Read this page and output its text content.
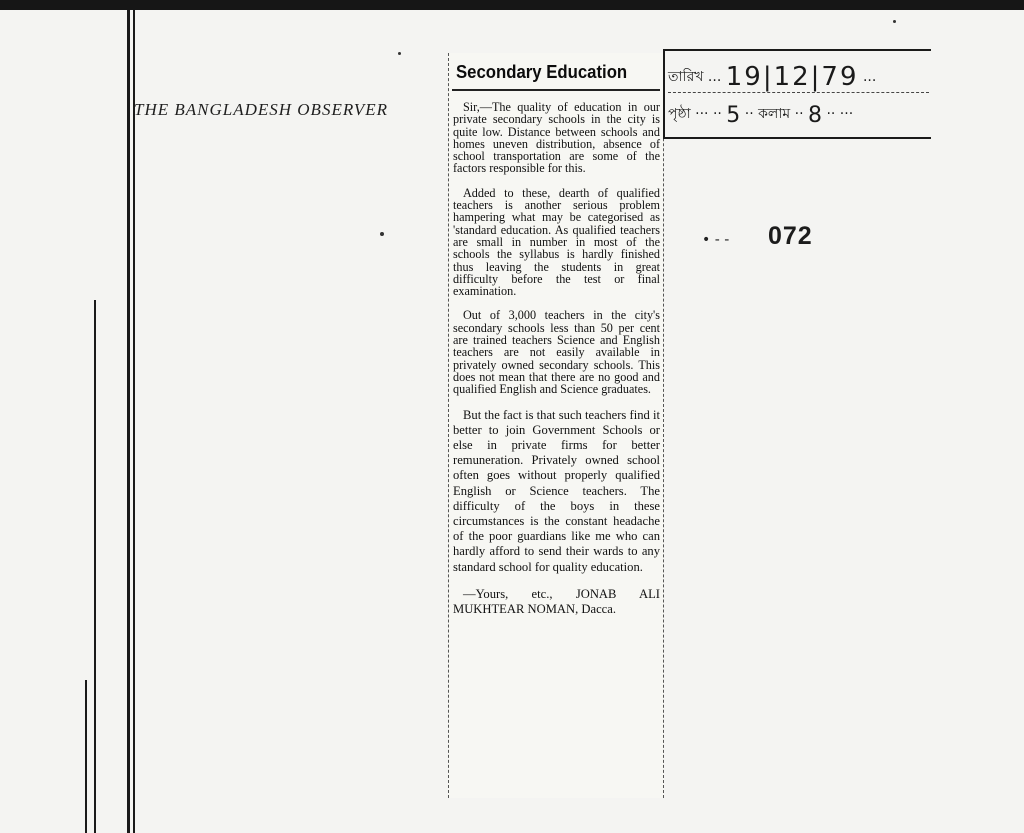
THE BANGLADESH OBSERVER
Secondary Education

Sir,—The quality of education in our private secondary schools in the city is quite low. Distance between schools and homes uneven distribution, absence of school transportation are some of the factors responsible for this.

Added to these, dearth of qualified teachers is another serious problem hampering what may be categorised as 'standard education. As qualified teachers are small in number in most of the schools the syllabus is hardly finished thus leaving the students in great difficulty before the test or final examination.

Out of 3,000 teachers in the city's secondary schools less than 50 per cent are trained teachers Science and English teachers are not easily available in privately owned secondary schools. This does not mean that there are no good and qualified English and Science graduates.

But the fact is that such teachers find it better to join Government Schools or else in private firms for better remuneration. Privately owned school often goes without properly qualified English or Science teachers. The difficulty of the boys in these circumstances is the constant headache of the poor guardians like me who can hardly afford to send their wards to any standard school for quality education.

—Yours, etc., JONAB ALI MUKHTEAR NOMAN, Dacca.

তারিখ ... 19|12|79 ...
পৃষ্ঠা ··· ·· 5 ·· কলাম ·· 8 ·· ···
• - - 072
